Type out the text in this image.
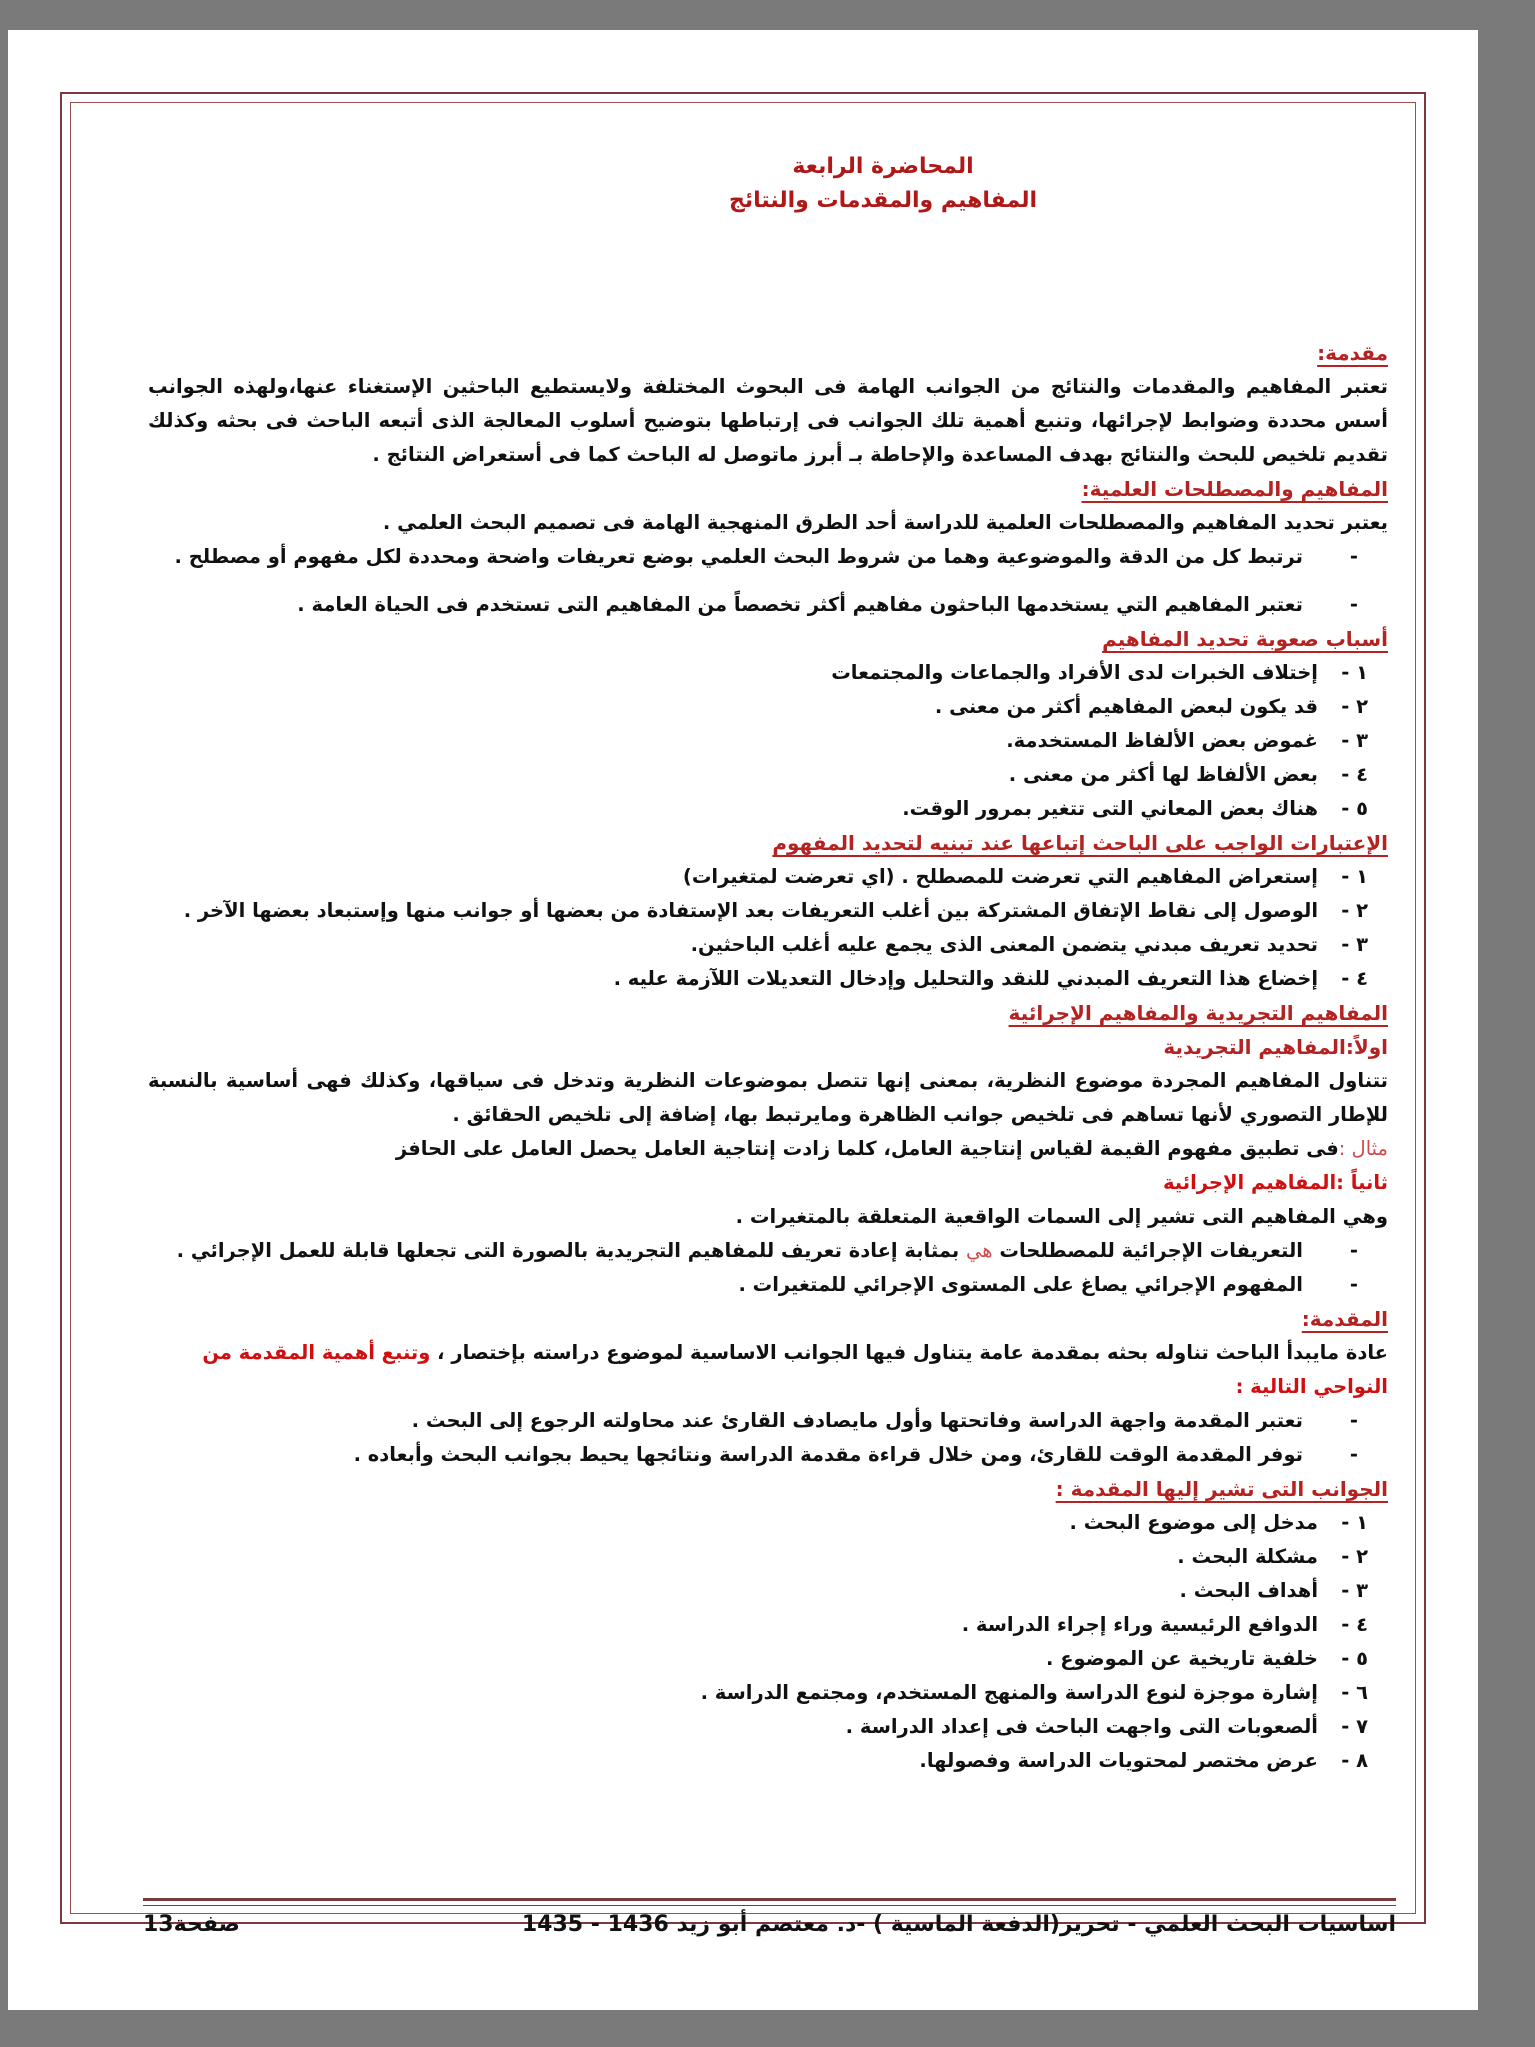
المحاضرة الرابعة

المفاهيم والمقدمات والنتائج

مقدمة:

تعتبر المفاهيم والمقدمات والنتائج من الجوانب الهامة فى البحوث المختلفة ولايستطيع الباحثين الإستغناء عنها،ولهذه الجوانب أسس محددة وضوابط لإجرائها، وتنبع أهمية تلك الجوانب فى إرتباطها بتوضيح أسلوب المعالجة الذى أتبعه الباحث فى بحثه وكذلك تقديم تلخيص للبحث والنتائج بهدف المساعدة والإحاطة بـ أبرز ماتوصل له الباحث كما فى أستعراض النتائج .

المفاهيم والمصطلحات العلمية:

يعتبر تحديد المفاهيم والمصطلحات العلمية للدراسة أحد الطرق المنهجية الهامة فى تصميم البحث العلمي .

- ترتبط كل من الدقة والموضوعية وهما من شروط البحث العلمي بوضع تعريفات واضحة ومحددة لكل مفهوم أو مصطلح .
- تعتبر المفاهيم التي يستخدمها الباحثون مفاهيم أكثر تخصصاً من المفاهيم التى تستخدم فى الحياة العامة .

أسباب صعوبة تحديد المفاهيم

١ -
إختلاف الخبرات لدى الأفراد والجماعات والمجتمعات
٢ -
قد يكون لبعض المفاهيم أكثر من معنى .
٣ -
غموض بعض الألفاظ المستخدمة.
٤ -
بعض الألفاظ لها أكثر من معنى .
٥ -
هناك بعض المعاني التى تتغير بمرور الوقت.

الإعتبارات الواجب على الباحث إتباعها عند تبنيه لتحديد المفهوم

١ -
إستعراض المفاهيم التي تعرضت للمصطلح . (اي تعرضت لمتغيرات)
٢ -
الوصول إلى نقاط الإتفاق المشتركة بين أغلب التعريفات بعد الإستفادة من بعضها أو جوانب منها وإستبعاد بعضها الآخر .
٣ -
تحديد تعريف مبدني يتضمن المعنى الذى يجمع عليه أغلب الباحثين.
٤ -
إخضاع هذا التعريف المبدني للنقد والتحليل وإدخال التعديلات اللآزمة عليه .

المفاهيم التجريدية والمفاهيم الإجرائية

اولاً:المفاهيم التجريدية

تتناول المفاهيم المجردة موضوع النظرية، بمعنى إنها تتصل بموضوعات النظرية وتدخل فى سياقها، وكذلك فهى أساسية بالنسبة للإطار التصوري لأنها تساهم فى تلخيص جوانب الظاهرة ومايرتبط بها، إضافة إلى تلخيص الحقائق .

مثال :فى تطبيق مفهوم القيمة لقياس إنتاجية العامل، كلما زادت إنتاجية العامل يحصل العامل على الحافز

ثانياً :المفاهيم الإجرائية

وهي المفاهيم التى تشير إلى السمات الواقعية المتعلقة بالمتغيرات .

- التعريفات الإجرائية للمصطلحات هي بمثابة إعادة تعريف للمفاهيم التجريدية بالصورة التى تجعلها قابلة للعمل الإجرائي .
- المفهوم الإجرائي يصاغ على المستوى الإجرائي للمتغيرات .

المقدمة:

عادة مايبدأ الباحث تناوله بحثه بمقدمة عامة يتناول فيها الجوانب الاساسية لموضوع دراسته بإختصار ، وتنبع أهمية المقدمة من النواحي التالية :

- تعتبر المقدمة واجهة الدراسة وفاتحتها وأول مايصادف القارئ عند محاولته الرجوع إلى البحث .
- توفر المقدمة الوقت للقارئ، ومن خلال قراءة مقدمة الدراسة ونتائجها يحيط بجوانب البحث وأبعاده .

الجوانب التى تشير إليها المقدمة :

١ -
مدخل إلى موضوع البحث .
٢ -
مشكلة البحث .
٣ -
أهداف البحث .
٤ -
الدوافع الرئيسية وراء إجراء الدراسة .
٥ -
خلفية تاريخية عن الموضوع .
٦ -
إشارة موجزة لنوع الدراسة والمنهج المستخدم، ومجتمع الدراسة .
٧ -
ألصعوبات التى واجهت الباحث فى إعداد الدراسة .
٨ -
عرض مختصر لمحتويات الدراسة وفصولها.
اساسيات البحث العلمي - تحرير(الدفعة الماسية ) -د. معتصم أبو زيد 1436 - 1435
صفحة13
